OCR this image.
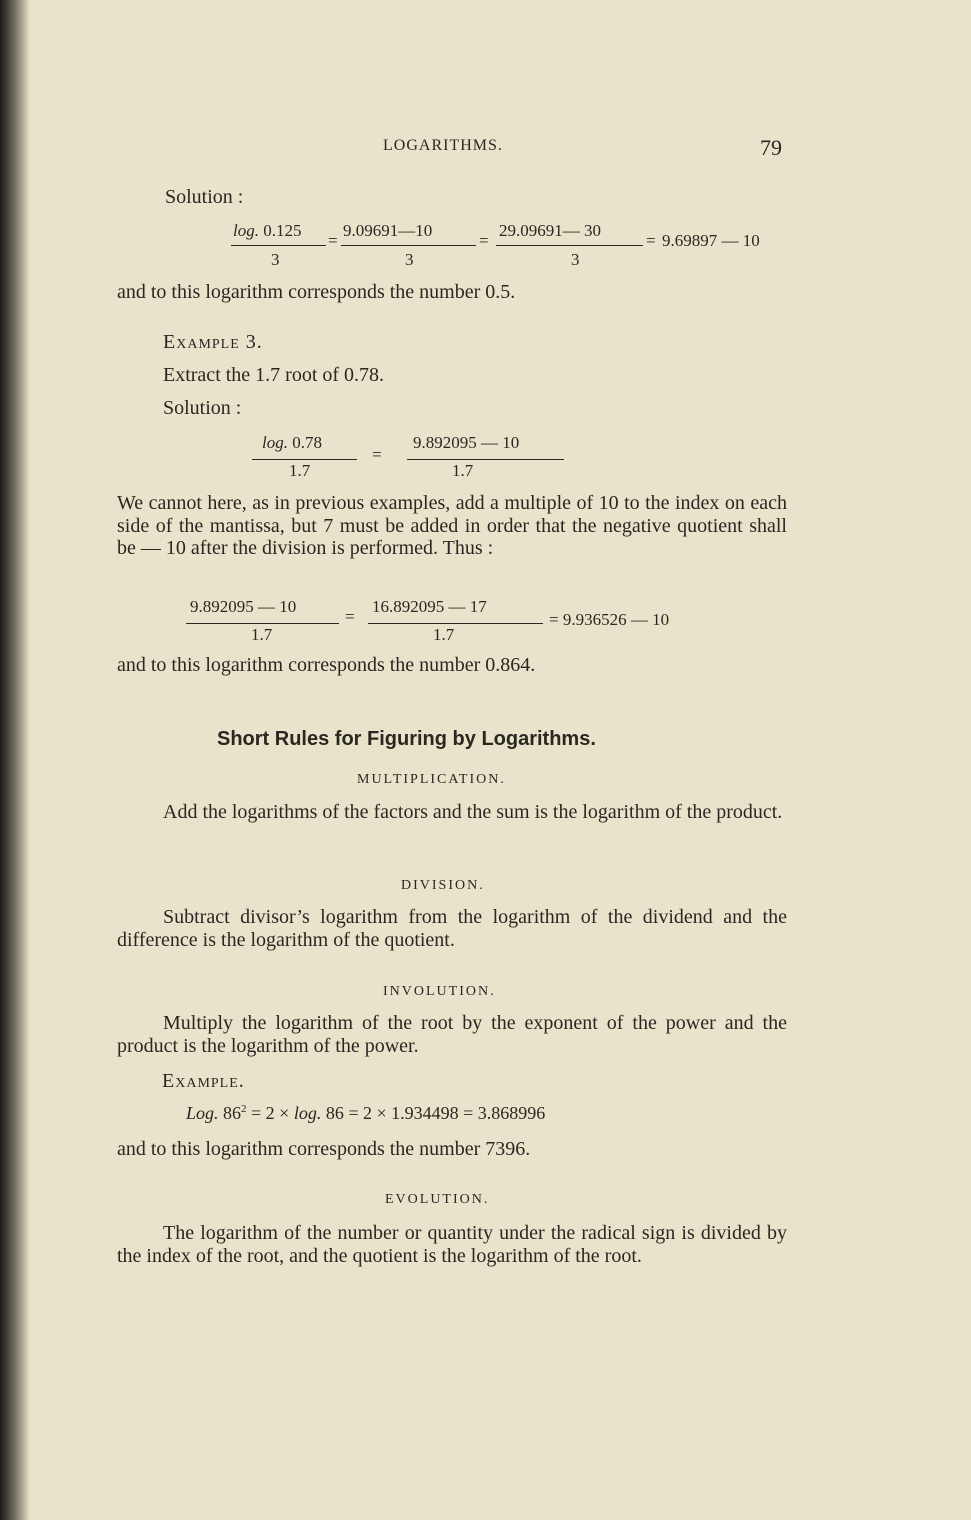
LOGARITHMS.	79
Solution :
log. 0.125
3
=
9.09691—10
3
=
29.09691— 30
3
= 9.69897 — 10
and to this logarithm corresponds the number 0.5.
Example 3.
Extract the 1.7 root of 0.78.
Solution :
log. 0.78
1.7
=
9.892095 — 10
1.7
We cannot here, as in previous examples, add a multiple of 10 to the index on each side of the mantissa, but 7 must be added in order that the negative quotient shall be — 10 after the division is performed. Thus :
9.892095 — 10
1.7
=
16.892095 — 17
1.7
= 9.936526 — 10
and to this logarithm corresponds the number 0.864.
Short Rules for Figuring by Logarithms.
MULTIPLICATION.
Add the logarithms of the factors and the sum is the logarithm of the product.
DIVISION.
Subtract divisor’s logarithm from the logarithm of the dividend and the difference is the logarithm of the quotient.
INVOLUTION.
Multiply the logarithm of the root by the exponent of the power and the product is the logarithm of the power.
Example.
Log. $86^2 = 2 \times \log$. 86 = 2 × 1.934498 = 3.868996
and to this logarithm corresponds the number 7396.
EVOLUTION.
The logarithm of the number or quantity under the radical sign is divided by the index of the root, and the quotient is the logarithm of the root.
